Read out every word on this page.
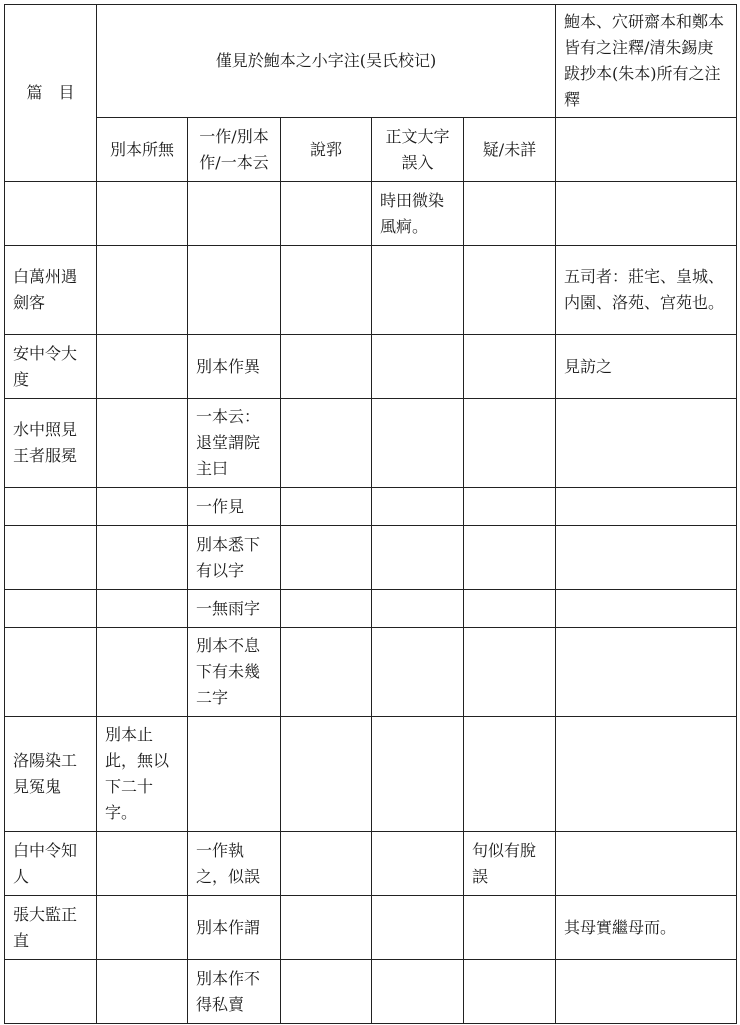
篇　目	僅見於鮑本之小字注(吴氏校记)					鮑本、穴研齋本和鄭本皆有之注釋/清朱錫庚跋抄本(朱本)所有之注釋
	別本所無	一作/別本作/一本云	說郛	正文大字誤入	疑/未詳	
				時田微染風痾。		
白萬州遇劍客						五司者：莊宅、皇城、内園、洛苑、宫苑也。
安中令大度		別本作異				見訪之
水中照見王者服冕		一本云：退堂謂院主曰				
		一作見				
		別本悉下有以字				
		一無雨字				
		別本不息下有未幾二字				
洛陽染工見冤鬼	別本止此，無以下二十字。					
白中令知人		一作執之，似誤			句似有脫誤	
張大監正直		別本作謂				其母實繼母而。
		別本作不得私賣				
